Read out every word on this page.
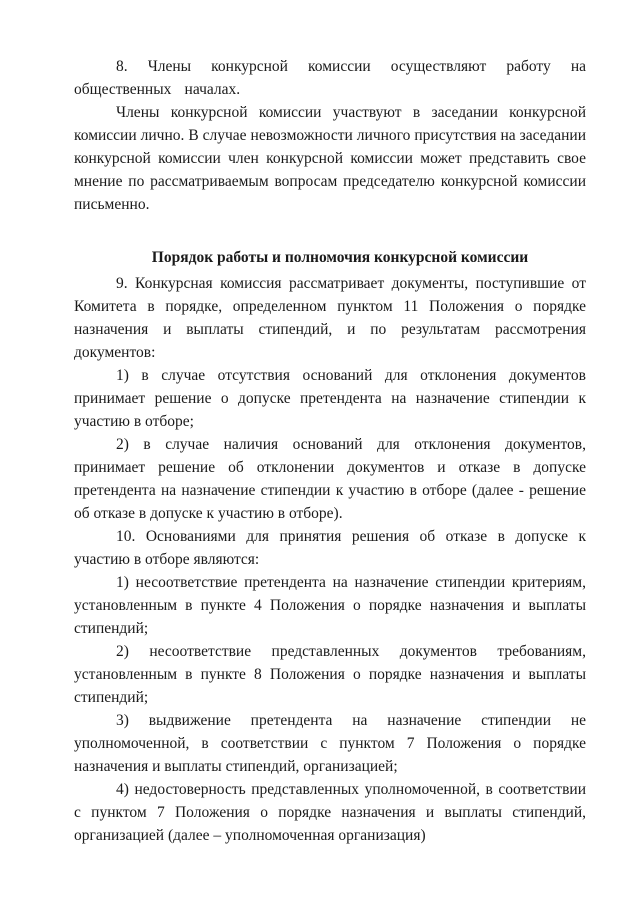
8. Члены конкурсной комиссии осуществляют работу на общественных началах.

Члены конкурсной комиссии участвуют в заседании конкурсной комиссии лично. В случае невозможности личного присутствия на заседании конкурсной комиссии член конкурсной комиссии может представить свое мнение по рассматриваемым вопросам председателю конкурсной комиссии письменно.

Порядок работы и полномочия конкурсной комиссии

9. Конкурсная комиссия рассматривает документы, поступившие от Комитета в порядке, определенном пунктом 11 Положения о порядке назначения и выплаты стипендий, и по результатам рассмотрения документов:

1) в случае отсутствия оснований для отклонения документов принимает решение о допуске претендента на назначение стипендии к участию в отборе;

2) в случае наличия оснований для отклонения документов, принимает решение об отклонении документов и отказе в допуске претендента на назначение стипендии к участию в отборе (далее - решение об отказе в допуске к участию в отборе).

10. Основаниями для принятия решения об отказе в допуске к участию в отборе являются:

1) несоответствие претендента на назначение стипендии критериям, установленным в пункте 4 Положения о порядке назначения и выплаты стипендий;

2) несоответствие представленных документов требованиям, установленным в пункте 8 Положения о порядке назначения и выплаты стипендий;

3) выдвижение претендента на назначение стипендии не уполномоченной, в соответствии с пунктом 7 Положения о порядке назначения и выплаты стипендий, организацией;

4) недостоверность представленных уполномоченной, в соответствии с пунктом 7 Положения о порядке назначения и выплаты стипендий, организацией (далее – уполномоченная организация)
